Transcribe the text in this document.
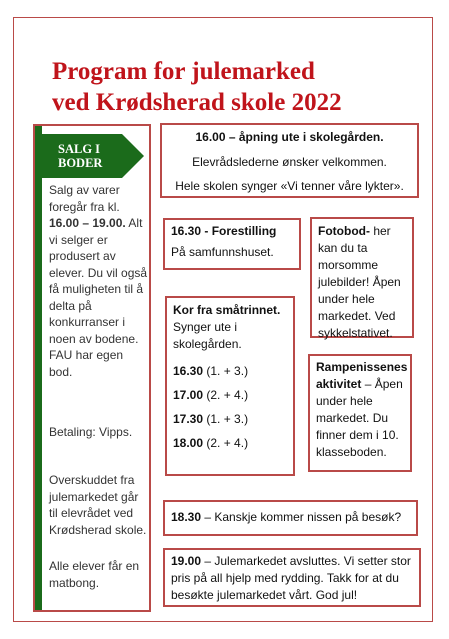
Program for julemarked
ved Krødsherad skole 2022
SALG I
BODER
Salg av varer foregår fra kl. 16.00 – 19.00. Alt vi selger er produsert av elever. Du vil også få muligheten til å delta på konkurranser i noen av bodene. FAU har egen bod.
Betaling: Vipps.
Overskuddet fra julemarkedet går til elevrådet ved Krødsherad skole.
Alle elever får en matbong.

16.00 – åpning ute i skolegården.

Elevrådslederne ønsker velkommen.

Hele skolen synger «Vi tenner våre lykter».

16.30 - Forestilling

På samfunnshuset.

Fotobod- her kan du ta morsomme julebilder! Åpen under hele markedet. Ved sykkelstativet.

Kor fra småtrinnet.

Synger ute i skolegården.

16.30 (1. + 3.)

17.00 (2. + 4.)

17.30 (1. + 3.)

18.00 (2. + 4.)

Rampenissenes aktivitet – Åpen under hele markedet. Du finner dem i 10. klasseboden.
18.30 – Kanskje kommer nissen på besøk?
19.00 – Julemarkedet avsluttes. Vi setter stor pris på all hjelp med rydding. Takk for at du besøkte julemarkedet vårt. God jul!
